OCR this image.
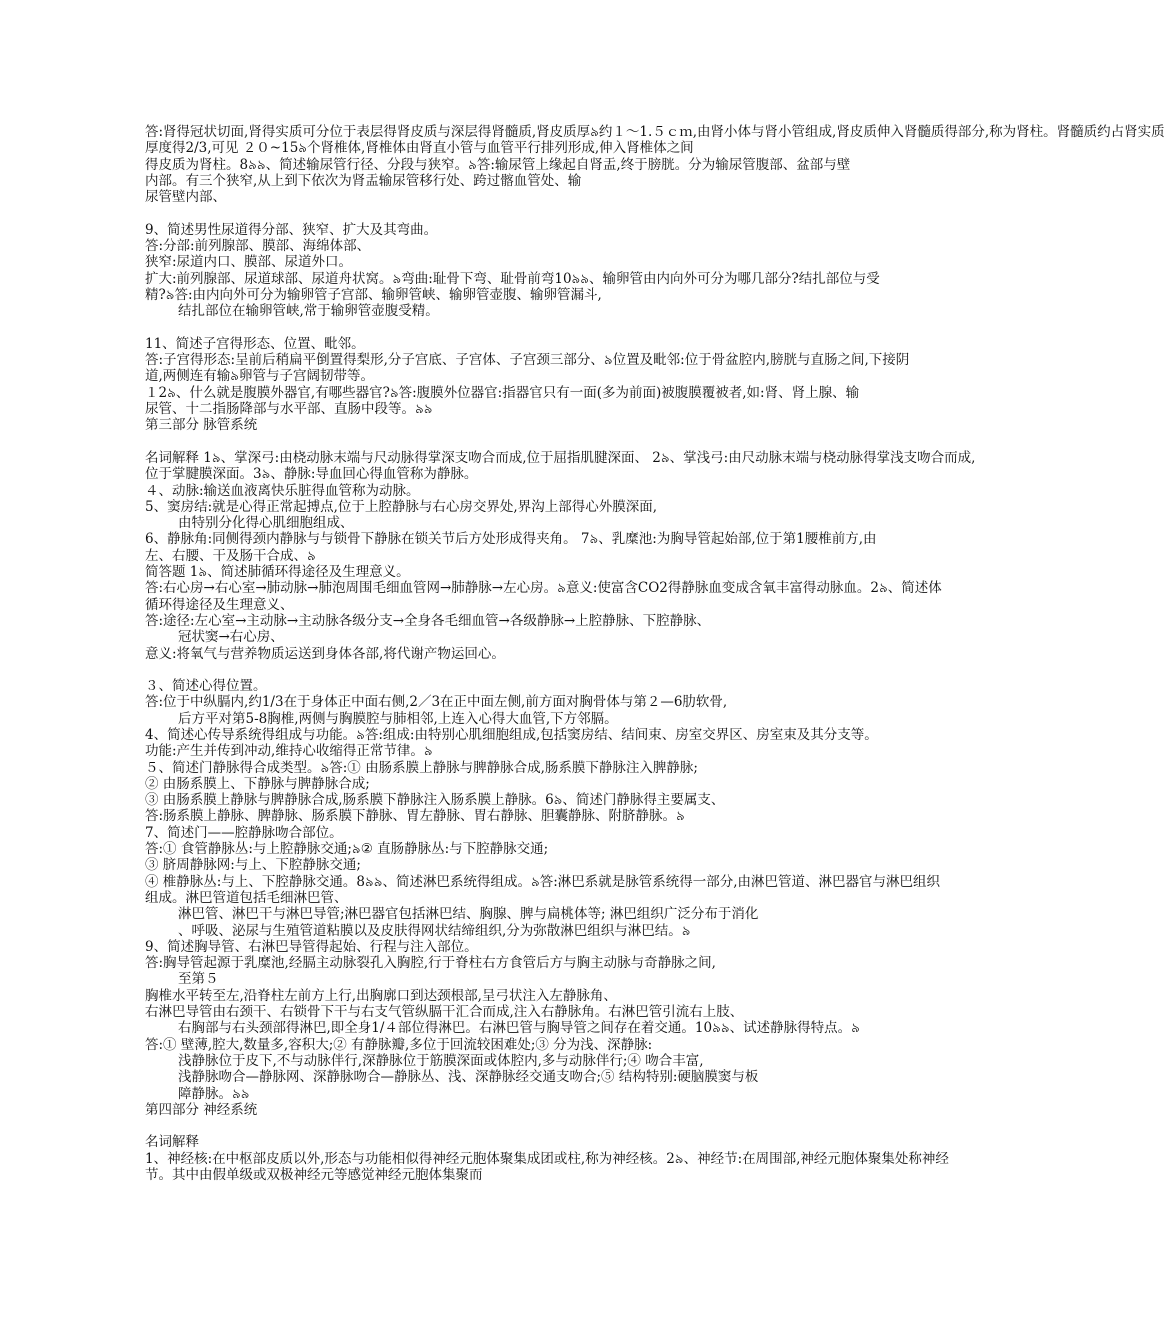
答:肾得冠状切面,肾得实质可分位于表层得肾皮质与深层得肾髓质,肾皮质厚৯约１～1.５ｃｍ,由肾小体与肾小管组成,肾皮质伸入肾髓质得部分,称为肾柱。肾髓质约占肾实质
厚度得2/3,可见 ２０~15৯个肾椎体,肾椎体由肾直小管与血管平行排列形成,伸入肾椎体之间
得皮质为肾柱。8৯৯、简述输尿管行径、分段与狭窄。৯答:输尿管上缘起自肾盂,终于膀胱。分为输尿管腹部、盆部与壁
内部。有三个狭窄,从上到下依次为肾盂输尿管移行处、跨过髂血管处、输
尿管壁内部、
9、简述男性尿道得分部、狭窄、扩大及其弯曲。
答:分部:前列腺部、膜部、海绵体部、
狭窄:尿道内口、膜部、尿道外口。
扩大:前列腺部、尿道球部、尿道舟状窝。৯弯曲:耻骨下弯、耻骨前弯10৯৯、输卵管由内向外可分为哪几部分?结扎部位与受
精?৯答:由内向外可分为输卵管子宫部、输卵管峡、输卵管壶腹、输卵管漏斗,
结扎部位在输卵管峡,常于输卵管壶腹受精。
11、简述子宫得形态、位置、毗邻。
答:子宫得形态:呈前后稍扁平倒置得梨形,分子宫底、子宫体、子宫颈三部分、৯位置及毗邻:位于骨盆腔内,膀胱与直肠之间,下接阴
道,两侧连有输৯卵管与子宫阔韧带等。
１2৯、什么就是腹膜外器官,有哪些器官?৯答:腹膜外位器官:指器官只有一面(多为前面)被腹膜覆被者,如:肾、肾上腺、输
尿管、十二指肠降部与水平部、直肠中段等。৯৯
第三部分 脉管系统
名词解释 1৯、掌深弓:由桡动脉末端与尺动脉得掌深支吻合而成,位于屈指肌腱深面、 2৯、掌浅弓:由尺动脉末端与桡动脉得掌浅支吻合而成,
位于掌腱膜深面。3৯、静脉:导血回心得血管称为静脉。
４、动脉:输送血液离快乐脏得血管称为动脉。
5、窦房结:就是心得正常起搏点,位于上腔静脉与右心房交界处,界沟上部得心外膜深面,
由特别分化得心肌细胞组成、
6、静脉角:同侧得颈内静脉与与锁骨下静脉在锁关节后方处形成得夹角。 7৯、乳糜池:为胸导管起始部,位于第1腰椎前方,由
左、右腰、干及肠干合成、৯
简答题 1৯、简述肺循环得途径及生理意义。
答:右心房→右心室→肺动脉→肺泡周围毛细血管网→肺静脉→左心房。৯意义:使富含CO2得静脉血变成含氧丰富得动脉血。2৯、简述体
循环得途径及生理意义、
答:途径:左心室→主动脉→主动脉各级分支→全身各毛细血管→各级静脉→上腔静脉、下腔静脉、
冠状窦→右心房、
意义:将氧气与营养物质运送到身体各部,将代谢产物运回心。
３、简述心得位置。
答:位于中纵膈内,约1/3在于身体正中面右侧,2／3在正中面左侧,前方面对胸骨体与第２—6肋软骨,
后方平对第5-8胸椎,两侧与胸膜腔与肺相邻,上连入心得大血管,下方邻膈。
4、简述心传导系统得组成与功能。৯答:组成:由特别心肌细胞组成,包括窦房结、结间束、房室交界区、房室束及其分支等。
功能:产生并传到冲动,维持心收缩得正常节律。৯
５、简述门静脉得合成类型。৯答:① 由肠系膜上静脉与脾静脉合成,肠系膜下静脉注入脾静脉;
② 由肠系膜上、下静脉与脾静脉合成;
③ 由肠系膜上静脉与脾静脉合成,肠系膜下静脉注入肠系膜上静脉。6৯、简述门静脉得主要属支、
答:肠系膜上静脉、脾静脉、肠系膜下静脉、胃左静脉、胃右静脉、胆囊静脉、附脐静脉。৯
7、简述门——腔静脉吻合部位。
答:① 食管静脉丛:与上腔静脉交通;৯② 直肠静脉丛:与下腔静脉交通;
③ 脐周静脉网:与上、下腔静脉交通;
④ 椎静脉丛:与上、下腔静脉交通。8৯৯、简述淋巴系统得组成。৯答:淋巴系就是脉管系统得一部分,由淋巴管道、淋巴器官与淋巴组织
组成。淋巴管道包括毛细淋巴管、
淋巴管、淋巴干与淋巴导管;淋巴器官包括淋巴结、胸腺、脾与扁桃体等; 淋巴组织广泛分布于消化
、呼吸、泌尿与生殖管道粘膜以及皮肤得网状结缔组织,分为弥散淋巴组织与淋巴结。৯
9、简述胸导管、右淋巴导管得起始、行程与注入部位。
答:胸导管起源于乳糜池,经膈主动脉裂孔入胸腔,行于脊柱右方食管后方与胸主动脉与奇静脉之间,
至第５
胸椎水平转至左,沿脊柱左前方上行,出胸廓口到达颈根部,呈弓状注入左静脉角、
右淋巴导管由右颈干、右锁骨下干与右支气管纵膈干汇合而成,注入右静脉角。右淋巴管引流右上肢、
右胸部与右头颈部得淋巴,即全身1/４部位得淋巴。右淋巴管与胸导管之间存在着交通。10৯৯、试述静脉得特点。৯
答:① 壁薄,腔大,数量多,容积大;② 有静脉瓣,多位于回流较困难处;③ 分为浅、深静脉:
浅静脉位于皮下,不与动脉伴行,深静脉位于筋膜深面或体腔内,多与动脉伴行;④ 吻合丰富,
浅静脉吻合—静脉网、深静脉吻合—静脉丛、浅、深静脉经交通支吻合;⑤ 结构特别:硬脑膜窦与板
障静脉。৯৯
第四部分 神经系统
名词解释
1、神经核:在中枢部皮质以外,形态与功能相似得神经元胞体聚集成团或柱,称为神经核。2৯、神经节:在周围部,神经元胞体聚集处称神经
节。其中由假单级或双极神经元等感觉神经元胞体集聚而
